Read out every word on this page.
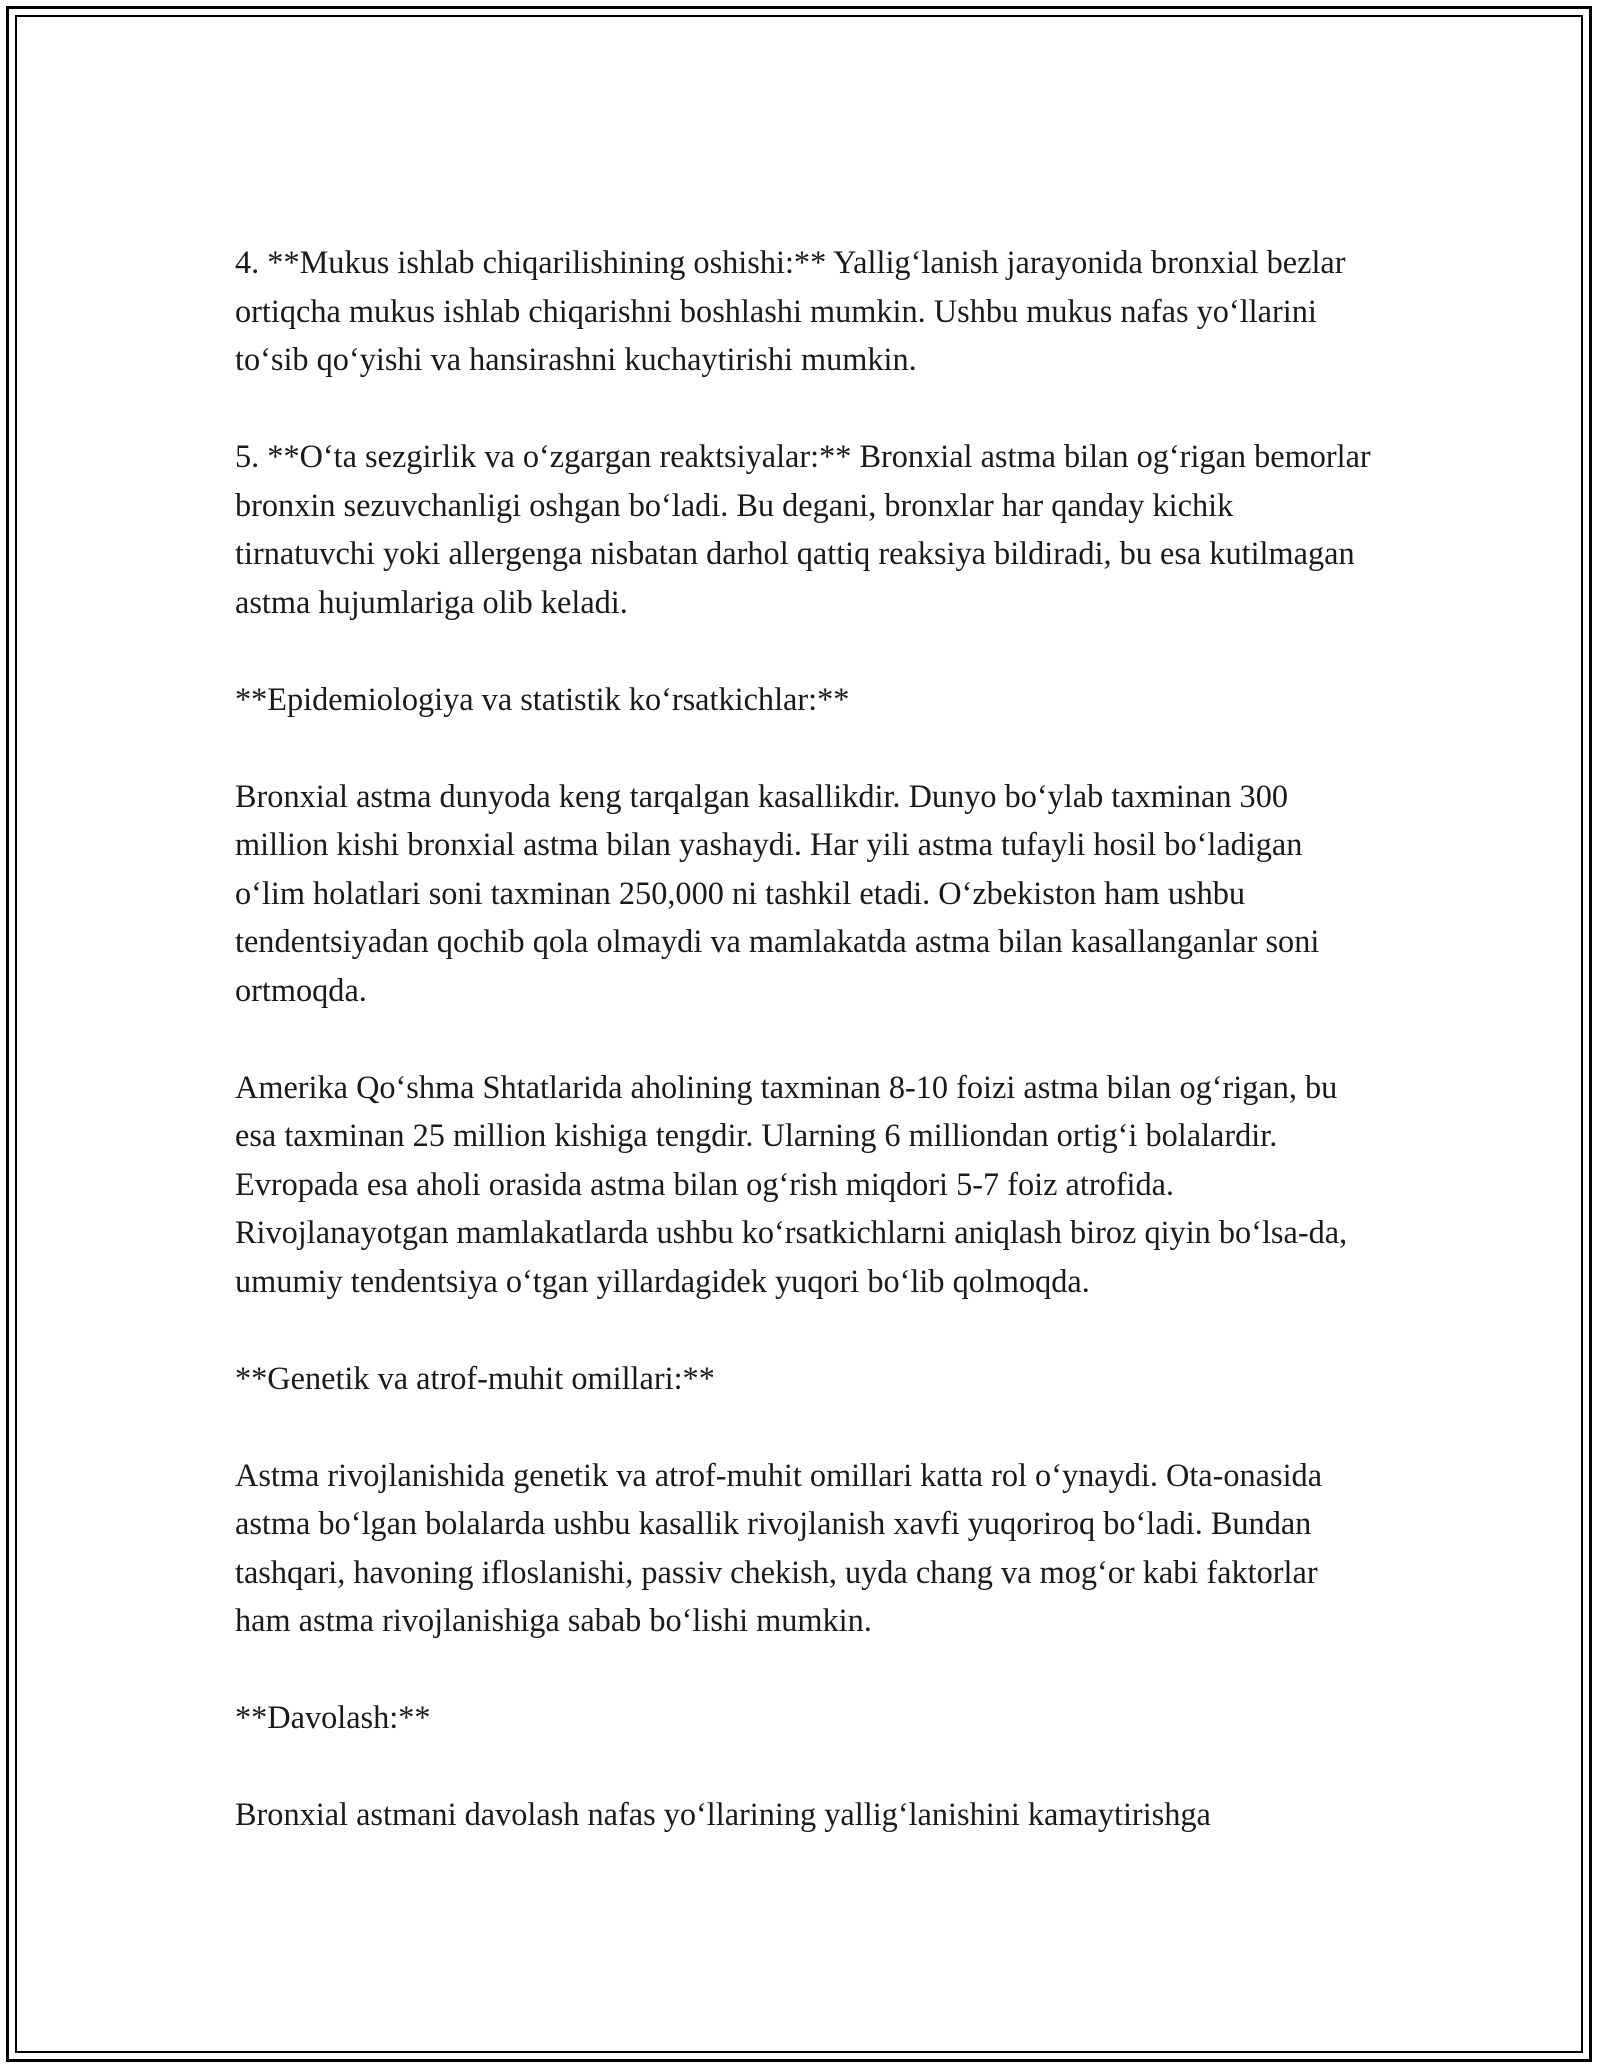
4. **Mukus ishlab chiqarilishining oshishi:** Yallig‘lanish jarayonida bronxial bezlar ortiqcha mukus ishlab chiqarishni boshlashi mumkin. Ushbu mukus nafas yo‘llarini to‘sib qo‘yishi va hansirashni kuchaytirishi mumkin.

5. **O‘ta sezgirlik va o‘zgargan reaktsiyalar:** Bronxial astma bilan og‘rigan bemorlar bronxin sezuvchanligi oshgan bo‘ladi. Bu degani, bronxlar har qanday kichik tirnatuvchi yoki allergenga nisbatan darhol qattiq reaksiya bildiradi, bu esa kutilmagan astma hujumlariga olib keladi.

**Epidemiologiya va statistik ko‘rsatkichlar:**

Bronxial astma dunyoda keng tarqalgan kasallikdir. Dunyo bo‘ylab taxminan 300 million kishi bronxial astma bilan yashaydi. Har yili astma tufayli hosil bo‘ladigan o‘lim holatlari soni taxminan 250,000 ni tashkil etadi. O‘zbekiston ham ushbu tendentsiyadan qochib qola olmaydi va mamlakatda astma bilan kasallanganlar soni ortmoqda.

Amerika Qo‘shma Shtatlarida aholining taxminan 8-10 foizi astma bilan og‘rigan, bu esa taxminan 25 million kishiga tengdir. Ularning 6 milliondan ortig‘i bolalardir. Evropada esa aholi orasida astma bilan og‘rish miqdori 5-7 foiz atrofida. Rivojlanayotgan mamlakatlarda ushbu ko‘rsatkichlarni aniqlash biroz qiyin bo‘lsa-da, umumiy tendentsiya o‘tgan yillardagidek yuqori bo‘lib qolmoqda.

**Genetik va atrof-muhit omillari:**

Astma rivojlanishida genetik va atrof-muhit omillari katta rol o‘ynaydi. Ota-onasida astma bo‘lgan bolalarda ushbu kasallik rivojlanish xavfi yuqoriroq bo‘ladi. Bundan tashqari, havoning ifloslanishi, passiv chekish, uyda chang va mog‘or kabi faktorlar ham astma rivojlanishiga sabab bo‘lishi mumkin.

**Davolash:**

Bronxial astmani davolash nafas yo‘llarining yallig‘lanishini kamaytirishga
